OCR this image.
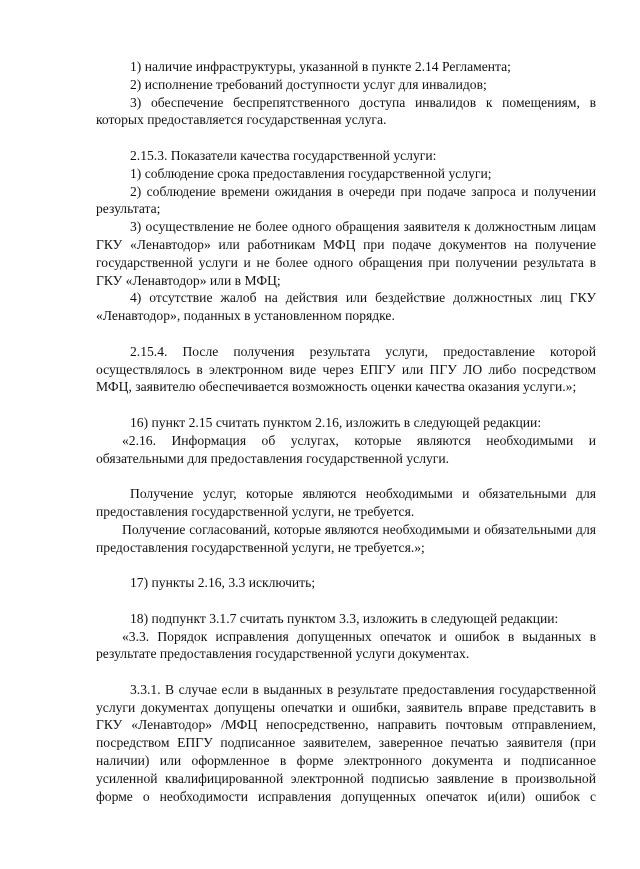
1) наличие инфраструктуры, указанной в пункте 2.14 Регламента;

2) исполнение требований доступности услуг для инвалидов;

3) обеспечение беспрепятственного доступа инвалидов к помещениям, в которых предоставляется государственная услуга.

2.15.3. Показатели качества государственной услуги:

1) соблюдение срока предоставления государственной услуги;

2) соблюдение времени ожидания в очереди при подаче запроса и получении результата;

3) осуществление не более одного обращения заявителя к должностным лицам ГКУ «Ленавтодор» или работникам МФЦ при подаче документов на получение государственной услуги и не более одного обращения при получении результата в ГКУ «Ленавтодор» или в МФЦ;

4) отсутствие жалоб на действия или бездействие должностных лиц ГКУ «Ленавтодор», поданных в установленном порядке.

2.15.4. После получения результата услуги, предоставление которой осуществлялось в электронном виде через ЕПГУ или ПГУ ЛО либо посредством МФЦ, заявителю обеспечивается возможность оценки качества оказания услуги.»;

16) пункт 2.15 считать пунктом 2.16, изложить в следующей редакции:

«2.16. Информация об услугах, которые являются необходимыми и обязательными для предоставления государственной услуги.

Получение услуг, которые являются необходимыми и обязательными для предоставления государственной услуги, не требуется.

Получение согласований, которые являются необходимыми и обязательными для предоставления государственной услуги, не требуется.»;

17) пункты 2.16, 3.3 исключить;

18) подпункт 3.1.7 считать пунктом 3.3, изложить в следующей редакции:

«3.3. Порядок исправления допущенных опечаток и ошибок в выданных в результате предоставления государственной услуги документах.

3.3.1. В случае если в выданных в результате предоставления государственной услуги документах допущены опечатки и ошибки, заявитель вправе представить в ГКУ «Ленавтодор» /МФЦ непосредственно, направить почтовым отправлением, посредством ЕПГУ подписанное заявителем, заверенное печатью заявителя (при наличии) или оформленное в форме электронного документа и подписанное усиленной квалифицированной электронной подписью заявление в произвольной форме о необходимости исправления допущенных опечаток и(или) ошибок с
